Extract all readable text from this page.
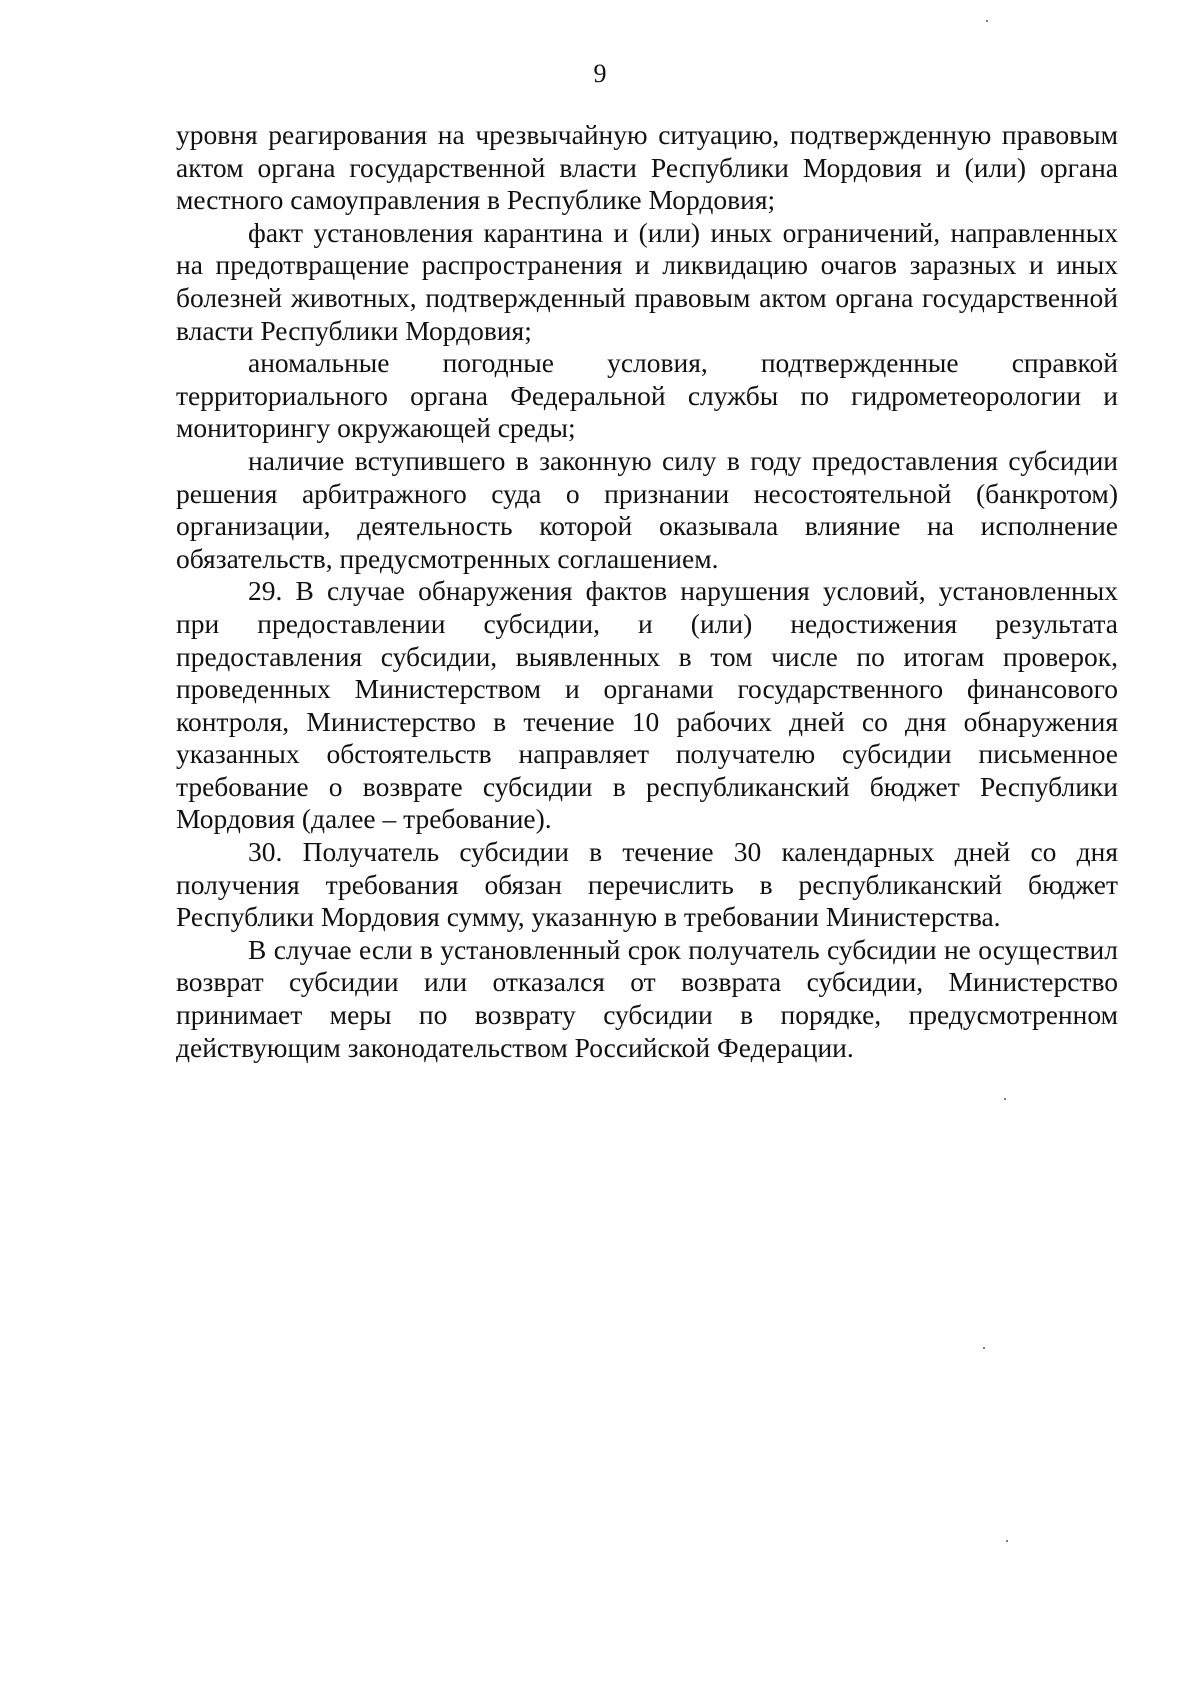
9

уровня реагирования на чрезвычайную ситуацию, подтвержденную правовым актом органа государственной власти Республики Мордовия и (или) органа местного самоуправления в Республике Мордовия;

факт установления карантина и (или) иных ограничений, направленных на предотвращение распространения и ликвидацию очагов заразных и иных болезней животных, подтвержденный правовым актом органа государственной власти Республики Мордовия;

аномальные погодные условия, подтвержденные справкой территориального органа Федеральной службы по гидрометеорологии и мониторингу окружающей среды;

наличие вступившего в законную силу в году предоставления субсидии решения арбитражного суда о признании несостоятельной (банкротом) организации, деятельность которой оказывала влияние на исполнение обязательств, предусмотренных соглашением.

29. В случае обнаружения фактов нарушения условий, установленных при предоставлении субсидии, и (или) недостижения результата предоставления субсидии, выявленных в том числе по итогам проверок, проведенных Министерством и органами государственного финансового контроля, Министерство в течение 10 рабочих дней со дня обнаружения указанных обстоятельств направляет получателю субсидии письменное требование о возврате субсидии в республиканский бюджет Республики Мордовия (далее – требование).

30. Получатель субсидии в течение 30 календарных дней со дня получения требования обязан перечислить в республиканский бюджет Республики Мордовия сумму, указанную в требовании Министерства.

В случае если в установленный срок получатель субсидии не осуществил возврат субсидии или отказался от возврата субсидии, Министерство принимает меры по возврату субсидии в порядке, предусмотренном действующим законодательством Российской Федерации.
